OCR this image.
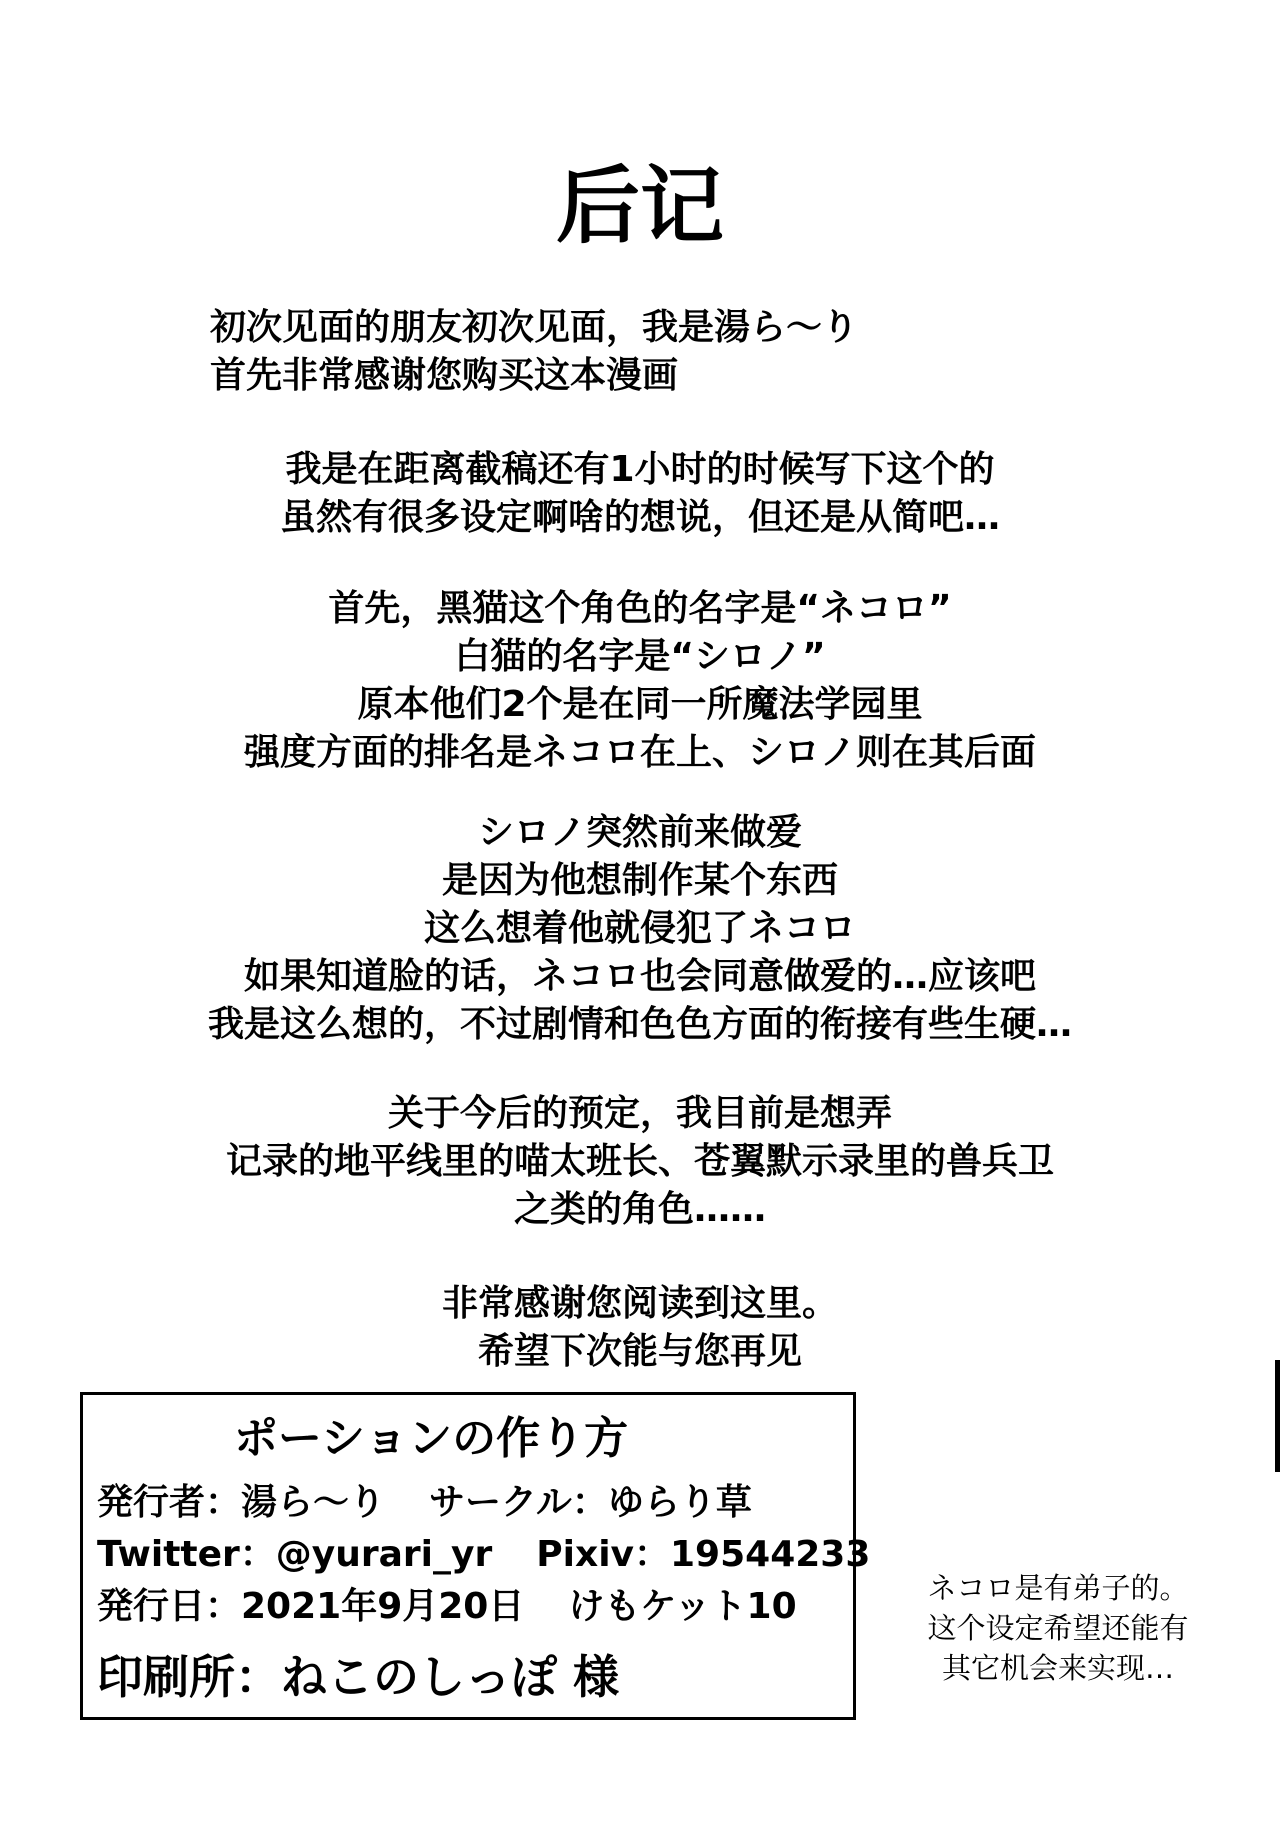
后记
初次见面的朋友初次见面，我是湯ら〜り
首先非常感谢您购买这本漫画
我是在距离截稿还有1小时的时候写下这个的
虽然有很多设定啊啥的想说，但还是从简吧…
首先，黑猫这个角色的名字是“ネコロ”
白猫的名字是“シロノ”
原本他们2个是在同一所魔法学园里
强度方面的排名是ネコロ在上、シロノ则在其后面
シロノ突然前来做爱
是因为他想制作某个东西
这么想着他就侵犯了ネコロ
如果知道脸的话，ネコロ也会同意做爱的…应该吧
我是这么想的，不过剧情和色色方面的衔接有些生硬…
关于今后的预定，我目前是想弄
记录的地平线里的喵太班长、苍翼默示录里的兽兵卫
之类的角色……
非常感谢您阅读到这里。
希望下次能与您再见
ポーションの作り方
発行者：湯ら〜り サークル：ゆらり草
Twitter：@yurari_yr Pixiv：19544233
発行日：2021年9月20日 けもケット10
印刷所：ねこのしっぽ 様
ネコロ是有弟子的。
这个设定希望还能有
其它机会来实现…
